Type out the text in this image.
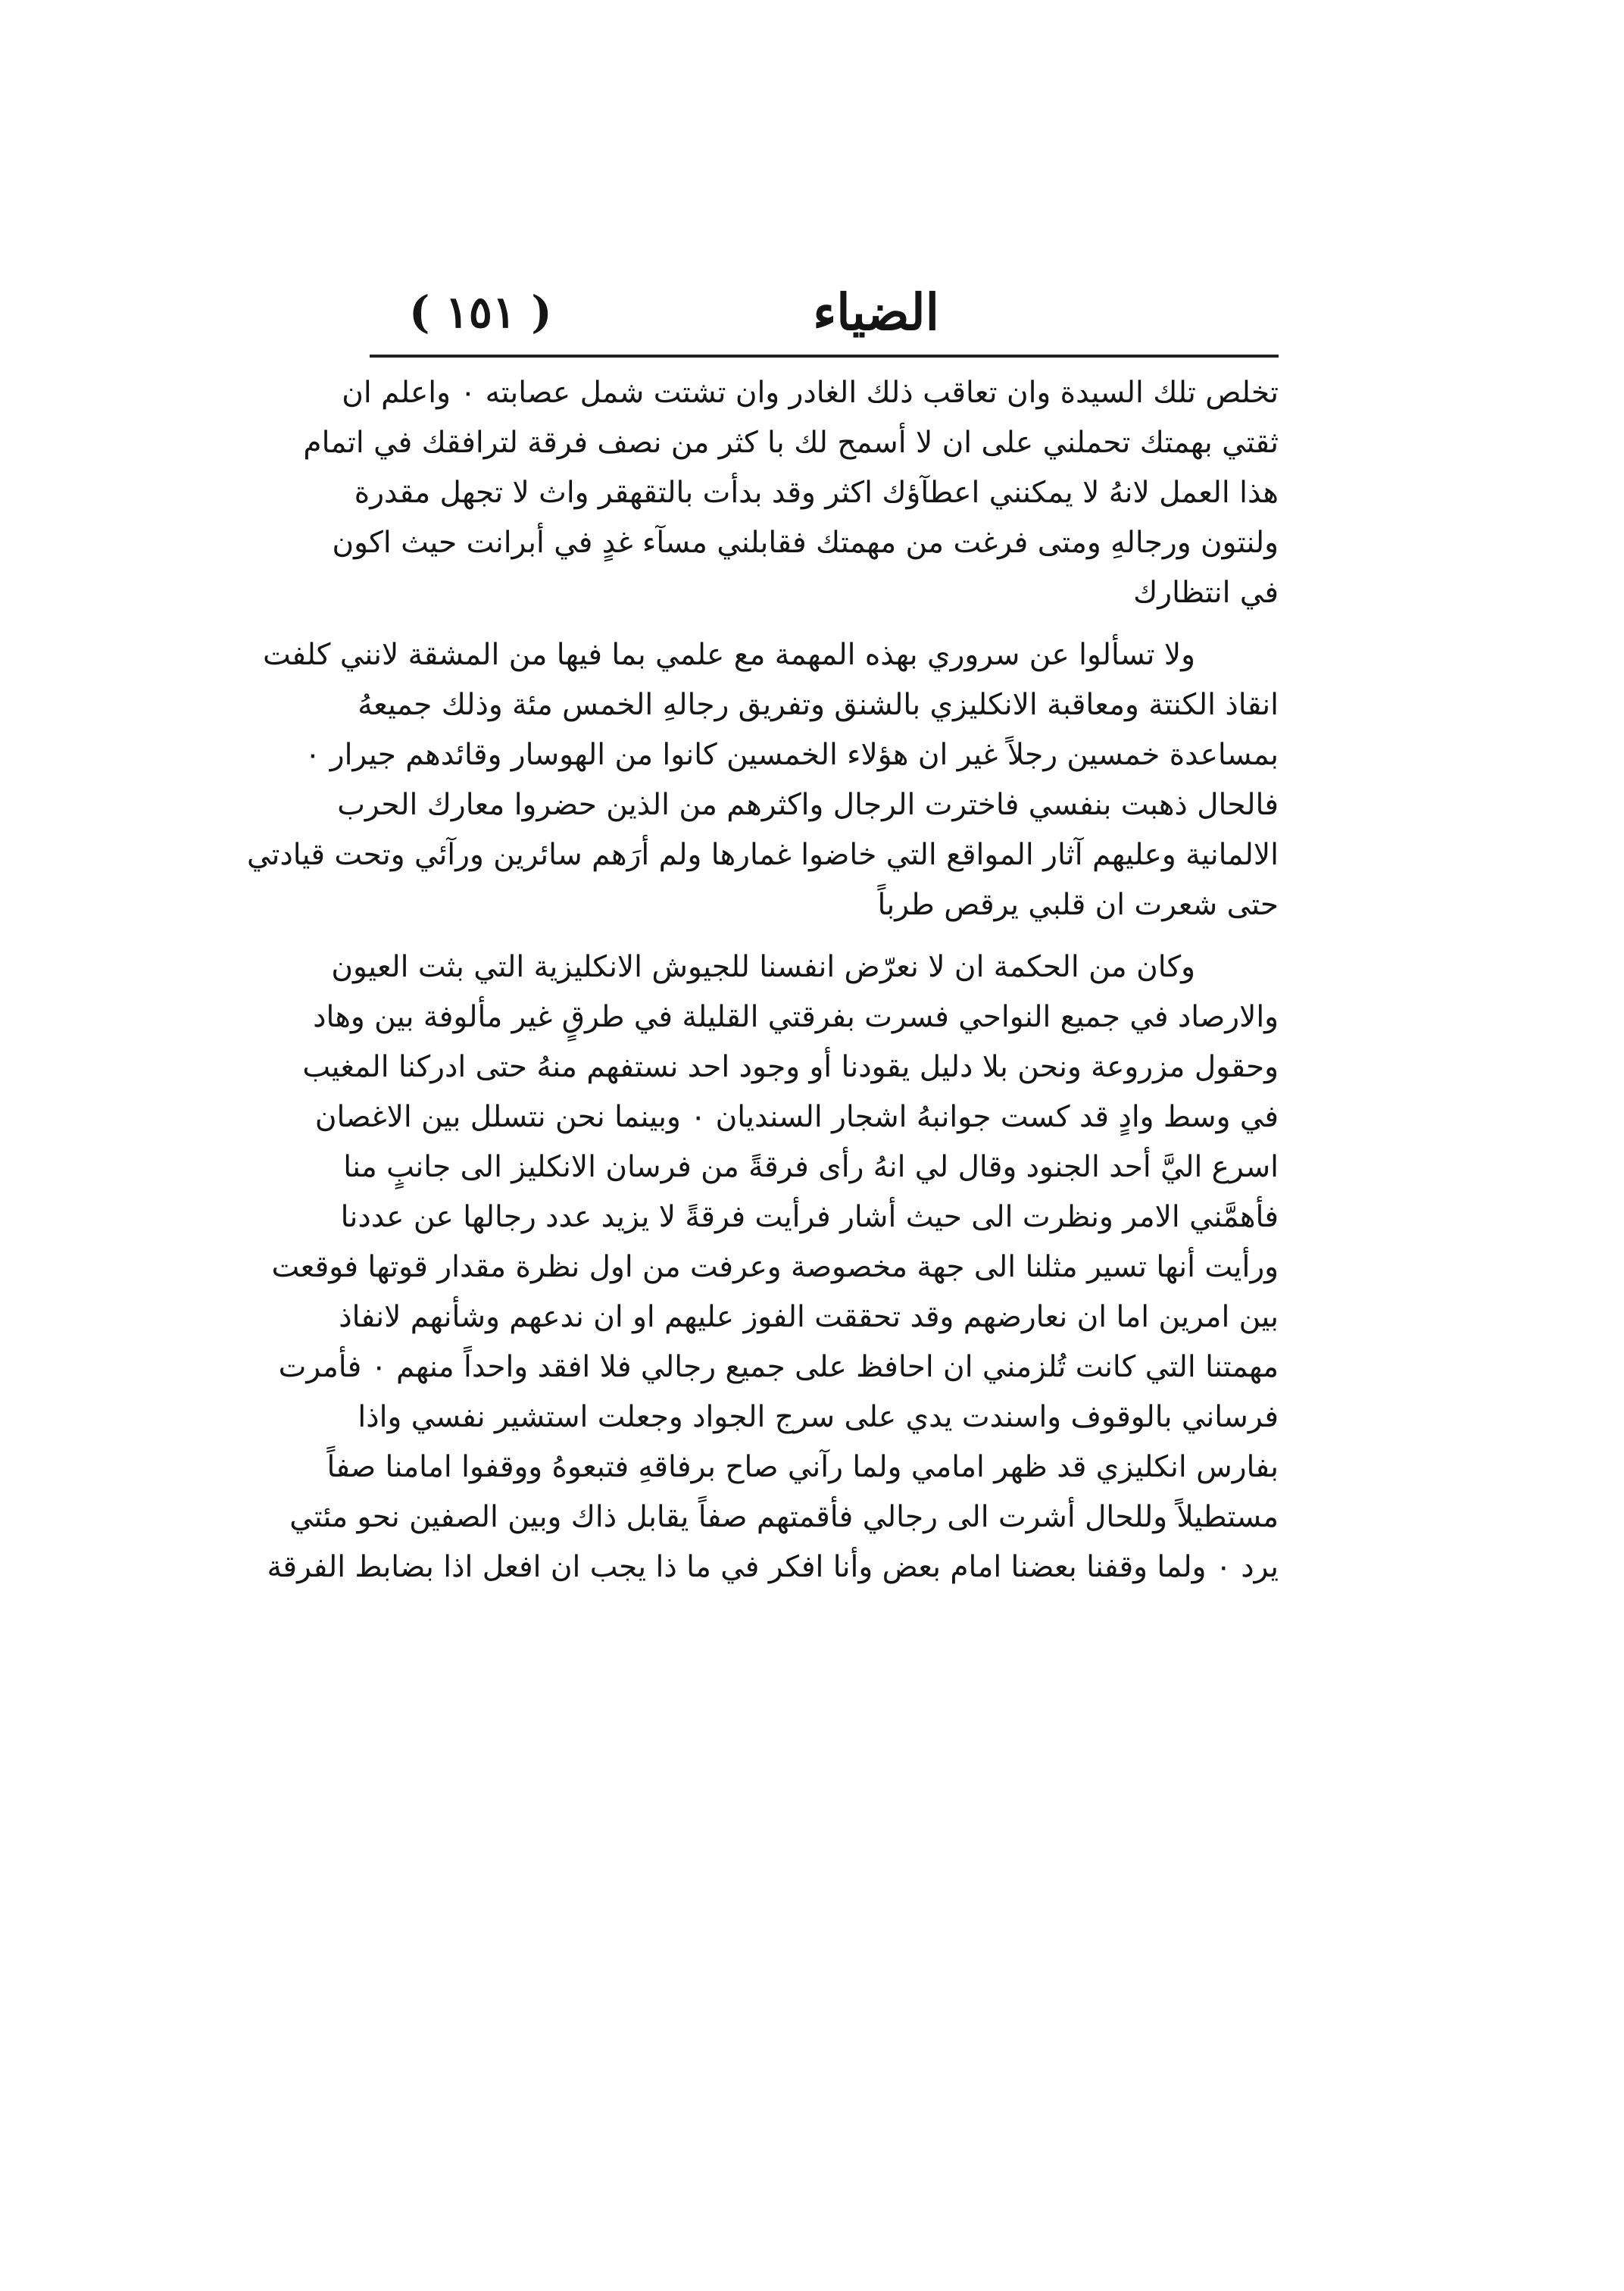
الضياء
( ١٥١ )
تخلص تلك السيدة وان تعاقب ذلك الغادر وان تشتت شمل عصابته ٠ واعلم ان
ثقتي بهمتك تحملني على ان لا أسمح لك با كثر من نصف فرقة لترافقك في اتمام
هذا العمل لانهُ لا يمكنني اعطآؤك اكثر وقد بدأت بالتقهقر واث لا تجهل مقدرة
ولنتون ورجالهِ ومتى فرغت من مهمتك فقابلني مسآء غدٍ في أبرانت حيث اكون
في انتظارك
ولا تسألوا عن سروري بهذه المهمة مع علمي بما فيها من المشقة لانني كلفت
انقاذ الكنتة ومعاقبة الانكليزي بالشنق وتفريق رجالهِ الخمس مئة وذلك جميعهُ
بمساعدة خمسين رجلاً غير ان هؤلاء الخمسين كانوا من الهوسار وقائدهم جيرار ٠
فالحال ذهبت بنفسي فاخترت الرجال واكثرهم من الذين حضروا معارك الحرب
الالمانية وعليهم آثار المواقع التي خاضوا غمارها ولم أرَهم سائرين ورآئي وتحت قيادتي
حتى شعرت ان قلبي يرقص طرباً
وكان من الحكمة ان لا نعرّض انفسنا للجيوش الانكليزية التي بثت العيون
والارصاد في جميع النواحي فسرت بفرقتي القليلة في طرقٍ غير مألوفة بين وهاد
وحقول مزروعة ونحن بلا دليل يقودنا أو وجود احد نستفهم منهُ حتى ادركنا المغيب
في وسط وادٍ قد كست جوانبهُ اشجار السنديان ٠ وبينما نحن نتسلل بين الاغصان
اسرع اليَّ أحد الجنود وقال لي انهُ رأى فرقةً من فرسان الانكليز الى جانبٍ منا
فأهمَّني الامر ونظرت الى حيث أشار فرأيت فرقةً لا يزيد عدد رجالها عن عددنا
ورأيت أنها تسير مثلنا الى جهة مخصوصة وعرفت من اول نظرة مقدار قوتها فوقعت
بين امرين اما ان نعارضهم وقد تحققت الفوز عليهم او ان ندعهم وشأنهم لانفاذ
مهمتنا التي كانت تُلزمني ان احافظ على جميع رجالي فلا افقد واحداً منهم ٠ فأمرت
فرساني بالوقوف واسندت يدي على سرج الجواد وجعلت استشير نفسي واذا
بفارس انكليزي قد ظهر امامي ولما رآني صاح برفاقهِ فتبعوهُ ووقفوا امامنا صفاً
مستطيلاً وللحال أشرت الى رجالي فأقمتهم صفاً يقابل ذاك وبين الصفين نحو مئتي
يرد ٠ ولما وقفنا بعضنا امام بعض وأنا افكر في ما ذا يجب ان افعل اذا بضابط الفرقة
